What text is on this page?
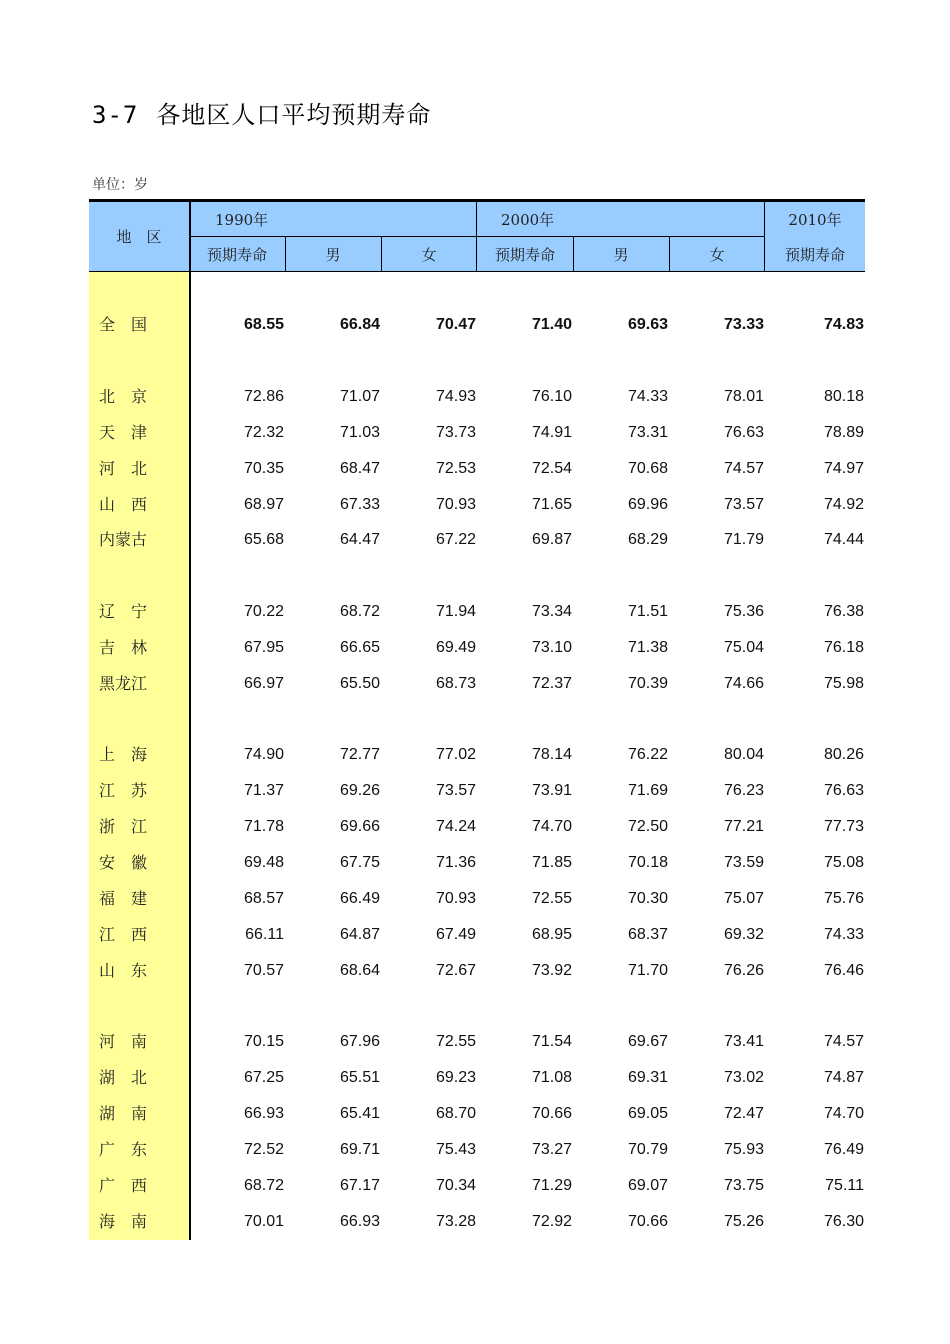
3-7 各地区人口平均预期寿命
单位：岁
地　区
1990年	2000年	2010年
预期寿命	男	女	预期寿命	男	女	预期寿命
全　国	68.55	66.84	70.47	71.40	69.63	73.33	74.83
北　京	72.86	71.07	74.93	76.10	74.33	78.01	80.18
天　津	72.32	71.03	73.73	74.91	73.31	76.63	78.89
河　北	70.35	68.47	72.53	72.54	70.68	74.57	74.97
山　西	68.97	67.33	70.93	71.65	69.96	73.57	74.92
内蒙古	65.68	64.47	67.22	69.87	68.29	71.79	74.44
辽　宁	70.22	68.72	71.94	73.34	71.51	75.36	76.38
吉　林	67.95	66.65	69.49	73.10	71.38	75.04	76.18
黑龙江	66.97	65.50	68.73	72.37	70.39	74.66	75.98
上　海	74.90	72.77	77.02	78.14	76.22	80.04	80.26
江　苏	71.37	69.26	73.57	73.91	71.69	76.23	76.63
浙　江	71.78	69.66	74.24	74.70	72.50	77.21	77.73
安　徽	69.48	67.75	71.36	71.85	70.18	73.59	75.08
福　建	68.57	66.49	70.93	72.55	70.30	75.07	75.76
江　西	66.11	64.87	67.49	68.95	68.37	69.32	74.33
山　东	70.57	68.64	72.67	73.92	71.70	76.26	76.46
河　南	70.15	67.96	72.55	71.54	69.67	73.41	74.57
湖　北	67.25	65.51	69.23	71.08	69.31	73.02	74.87
湖　南	66.93	65.41	68.70	70.66	69.05	72.47	74.70
广　东	72.52	69.71	75.43	73.27	70.79	75.93	76.49
广　西	68.72	67.17	70.34	71.29	69.07	73.75	75.11
海　南	70.01	66.93	73.28	72.92	70.66	75.26	76.30
